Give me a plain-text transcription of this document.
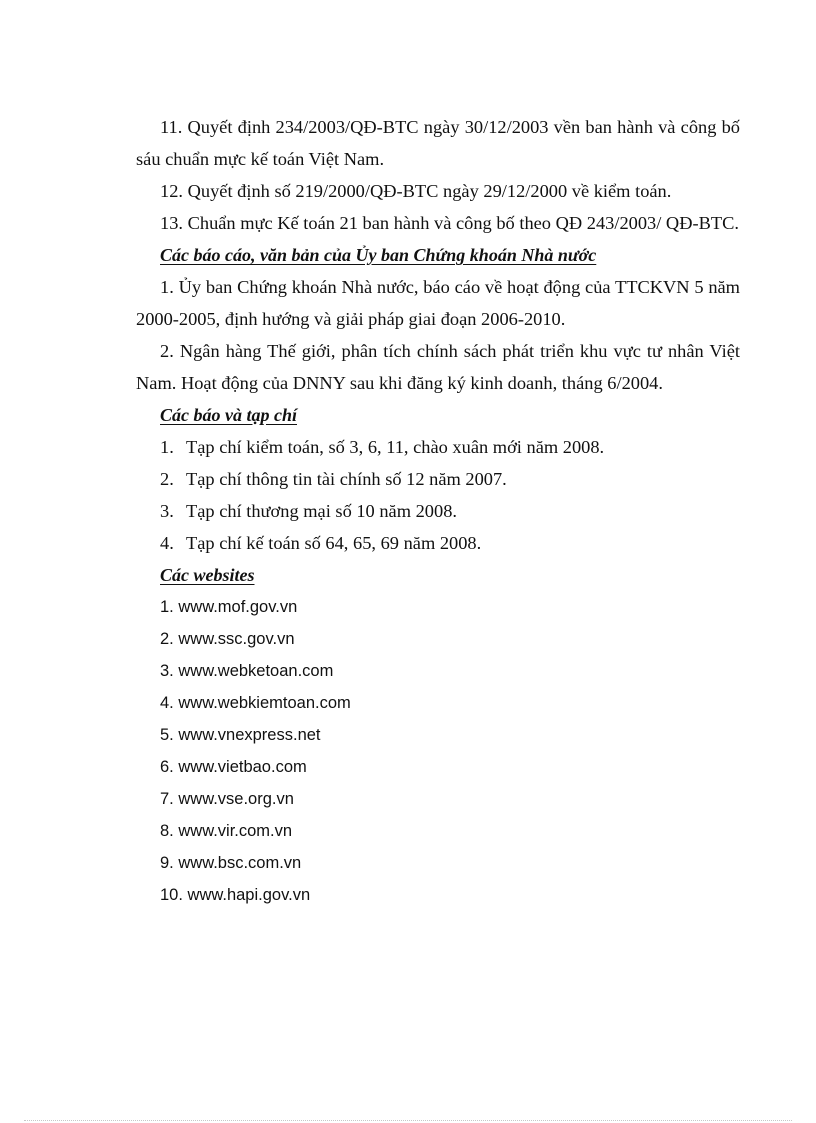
11. Quyết định 234/2003/QĐ-BTC ngày 30/12/2003 vền ban hành và công bố sáu chuẩn mực kế toán Việt Nam.

12. Quyết định số 219/2000/QĐ-BTC ngày 29/12/2000 về kiểm toán.

13. Chuẩn mực Kế toán 21 ban hành và công bố theo QĐ 243/2003/ QĐ-BTC.

Các báo cáo, văn bản của Ủy ban Chứng khoán Nhà nước

1. Ủy ban Chứng khoán Nhà nước, báo cáo về hoạt động của TTCKVN 5 năm 2000-2005, định hướng và giải pháp giai đoạn 2006-2010.

2. Ngân hàng Thế giới, phân tích chính sách phát triển khu vực tư nhân Việt Nam. Hoạt động của DNNY sau khi đăng ký kinh doanh, tháng 6/2004.

Các báo và tạp chí

1. Tạp chí kiểm toán, số 3, 6, 11, chào xuân mới năm 2008.

2. Tạp chí thông tin tài chính số 12 năm 2007.

3. Tạp chí thương mại số 10 năm 2008.

4. Tạp chí kế toán số 64, 65, 69 năm 2008.

Các websites

1. www.mof.gov.vn

2. www.ssc.gov.vn

3. www.webketoan.com

4. www.webkiemtoan.com

5. www.vnexpress.net

6. www.vietbao.com

7. www.vse.org.vn

8. www.vir.com.vn

9. www.bsc.com.vn

10. www.hapi.gov.vn
